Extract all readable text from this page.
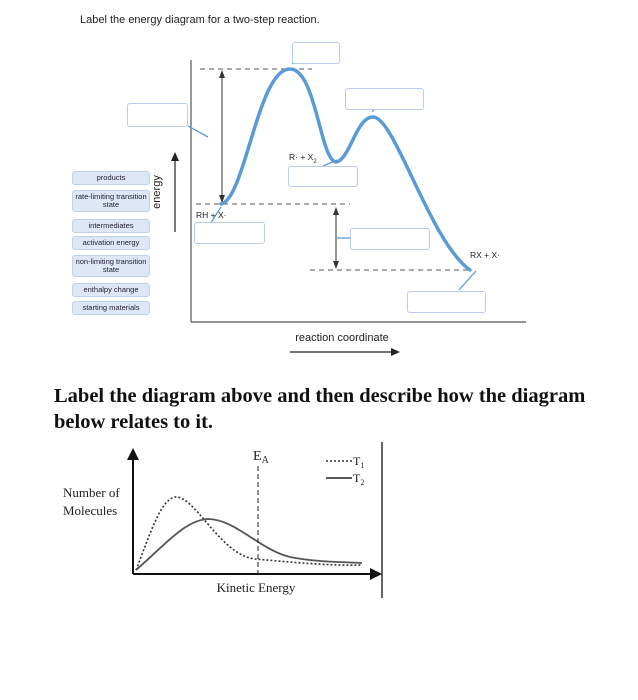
Label the energy diagram for a two-step reaction.
products
rate-limiting transition state
intermediates
activation energy
non-limiting transition state
enthalpy change
starting materials
energy
RH + X·
$R\cdot + X_2$
RX + X·
reaction coordinate
Label the diagram above and then describe how the diagram below relates to it.
$E_A$	$T_1$
$T_2$
Number of
Molecules
Kinetic Energy
